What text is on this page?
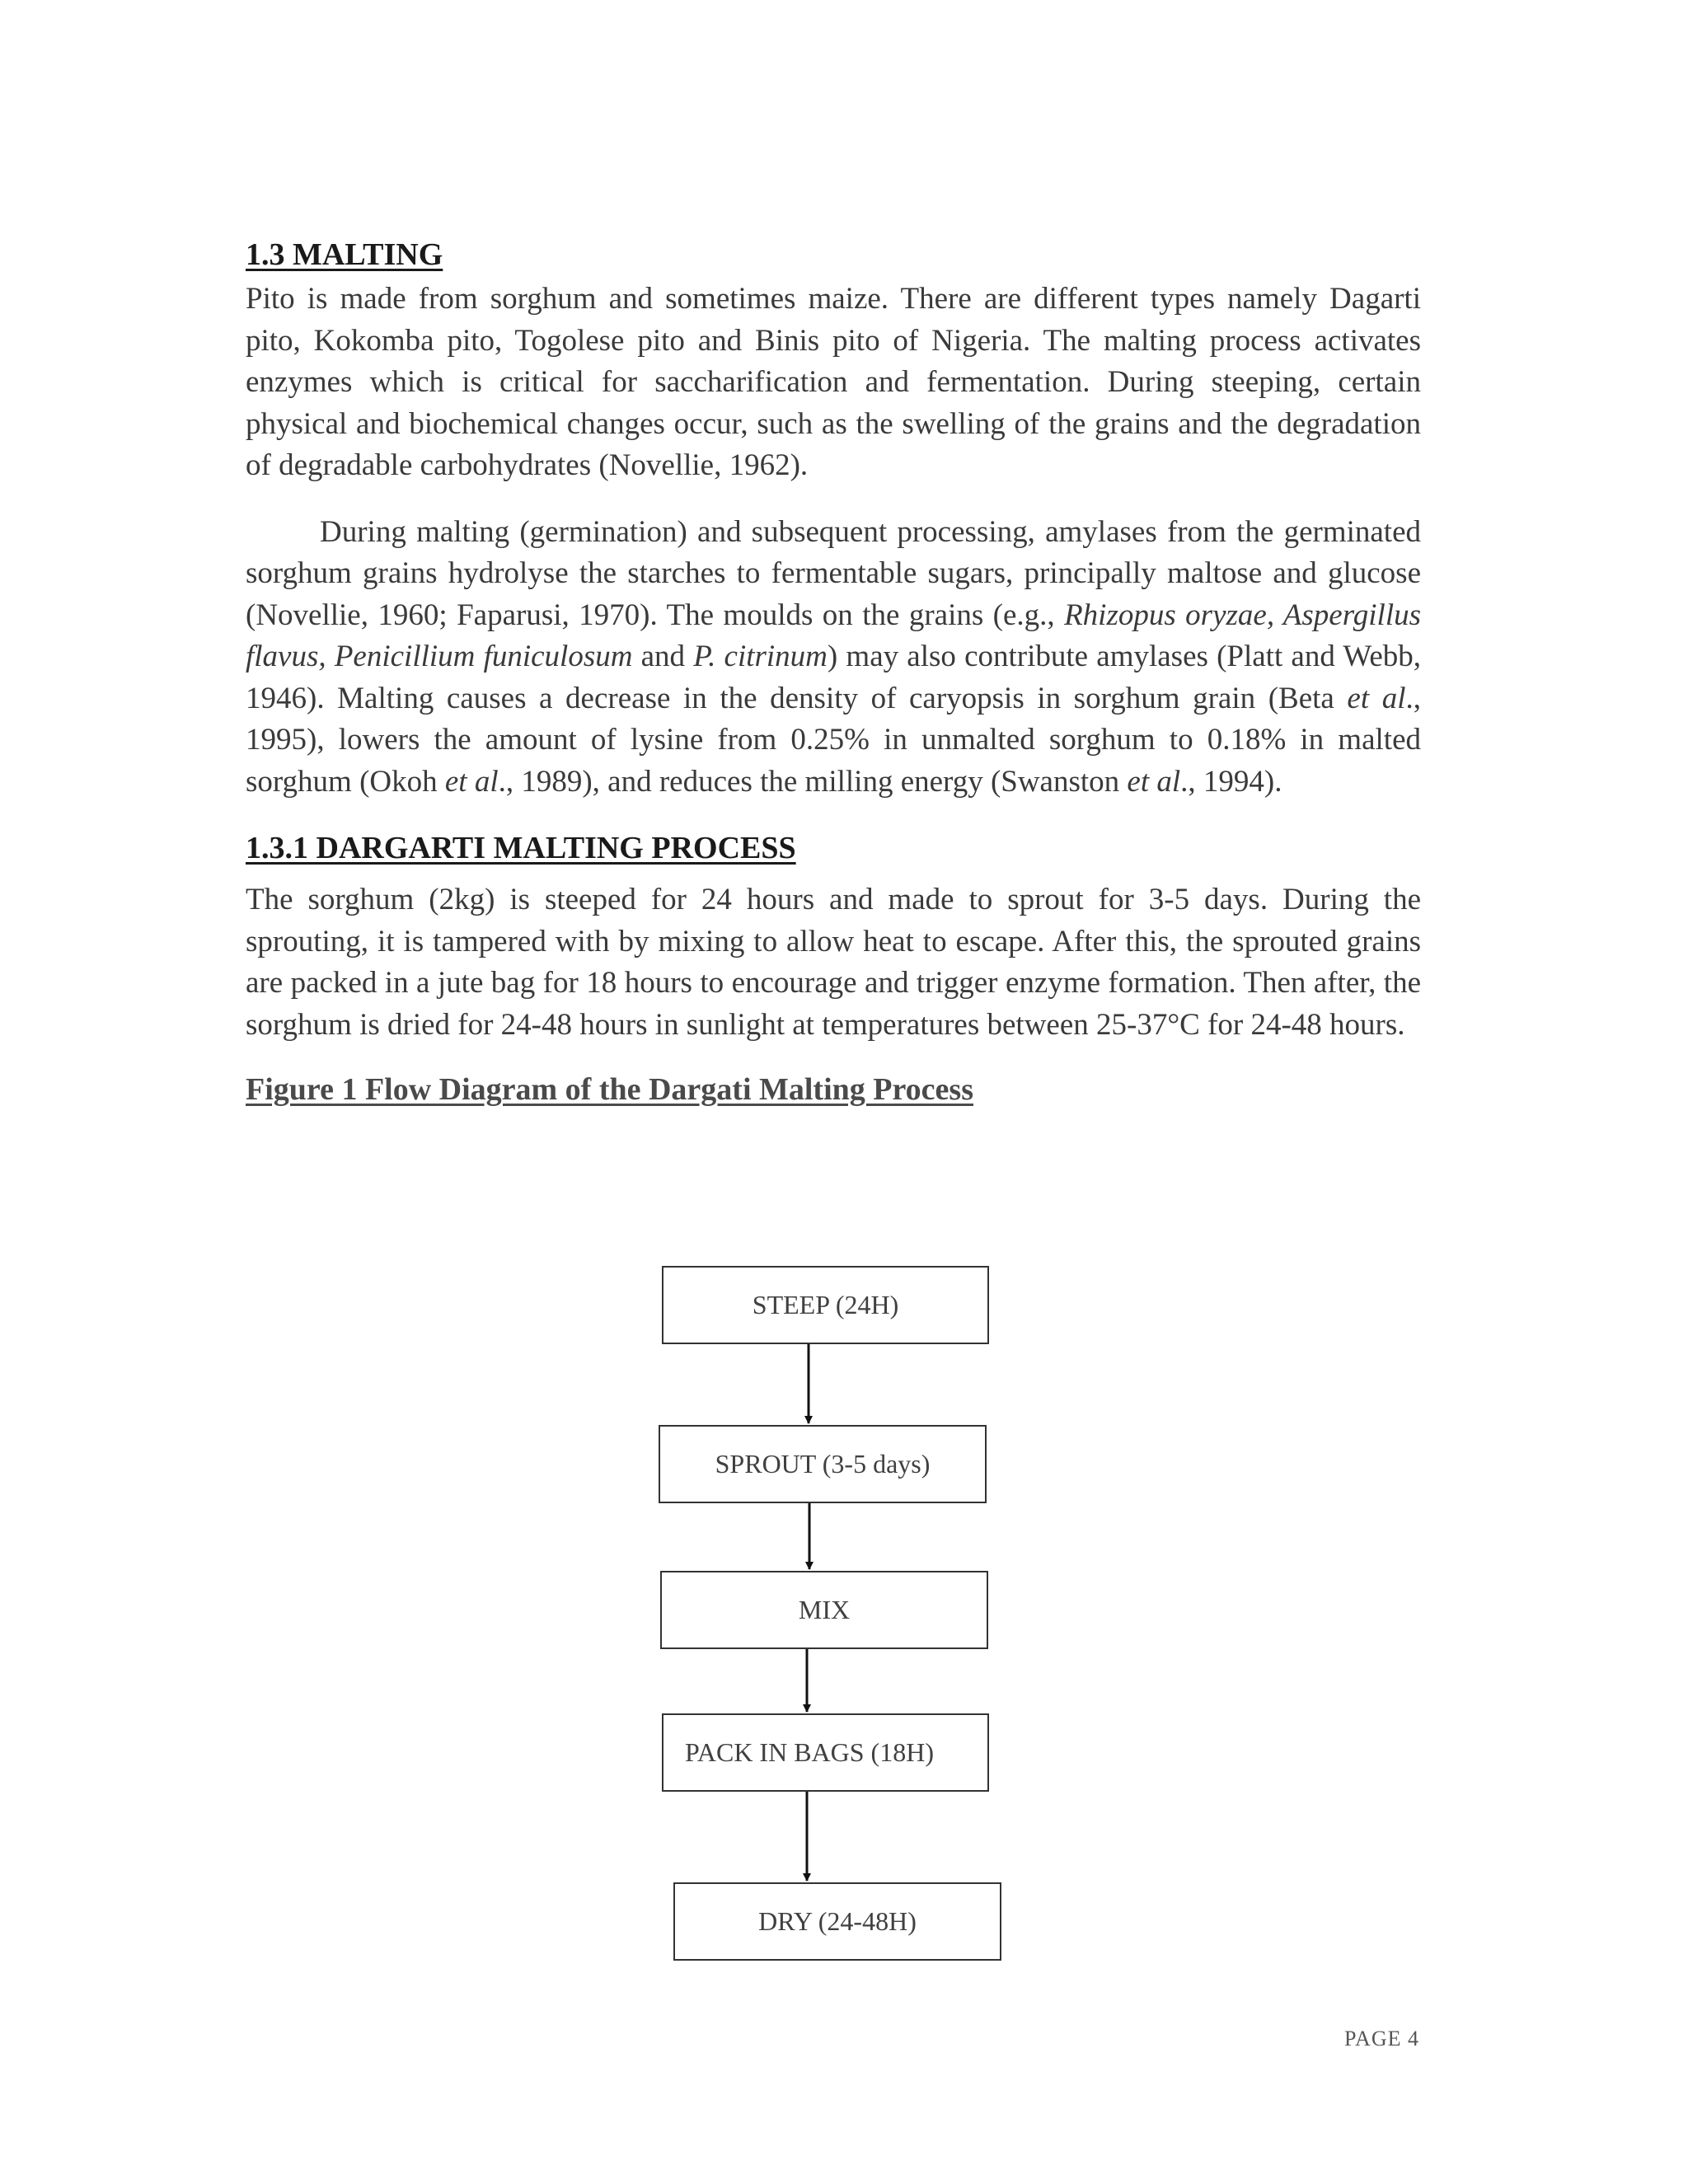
1.3 MALTING

Pito is made from sorghum and sometimes maize. There are different types namely Dagarti pito, Kokomba pito, Togolese pito and Binis pito of Nigeria. The malting process activates enzymes which is critical for saccharification and fermentation. During steeping, certain physical and biochemical changes occur, such as the swelling of the grains and the degradation of degradable carbohydrates (Novellie, 1962).

During malting (germination) and subsequent processing, amylases from the germinated sorghum grains hydrolyse the starches to fermentable sugars, principally maltose and glucose (Novellie, 1960; Faparusi, 1970). The moulds on the grains (e.g., Rhizopus oryzae, Aspergillus flavus, Penicillium funiculosum and P. citrinum) may also contribute amylases (Platt and Webb, 1946). Malting causes a decrease in the density of caryopsis in sorghum grain (Beta et al., 1995), lowers the amount of lysine from 0.25% in unmalted sorghum to 0.18% in malted sorghum (Okoh et al., 1989), and reduces the milling energy (Swanston et al., 1994).

1.3.1 DARGARTI MALTING PROCESS

The sorghum (2kg) is steeped for 24 hours and made to sprout for 3-5 days. During the sprouting, it is tampered with by mixing to allow heat to escape. After this, the sprouted grains are packed in a jute bag for 18 hours to encourage and trigger enzyme formation. Then after, the sorghum is dried for 24-48 hours in sunlight at temperatures between 25-37°C for 24-48 hours.

Figure 1 Flow Diagram of the Dargati Malting Process
STEEP (24H)
SPROUT (3-5 days)
MIX
PACK IN BAGS (18H)
DRY (24-48H)
PAGE 4
